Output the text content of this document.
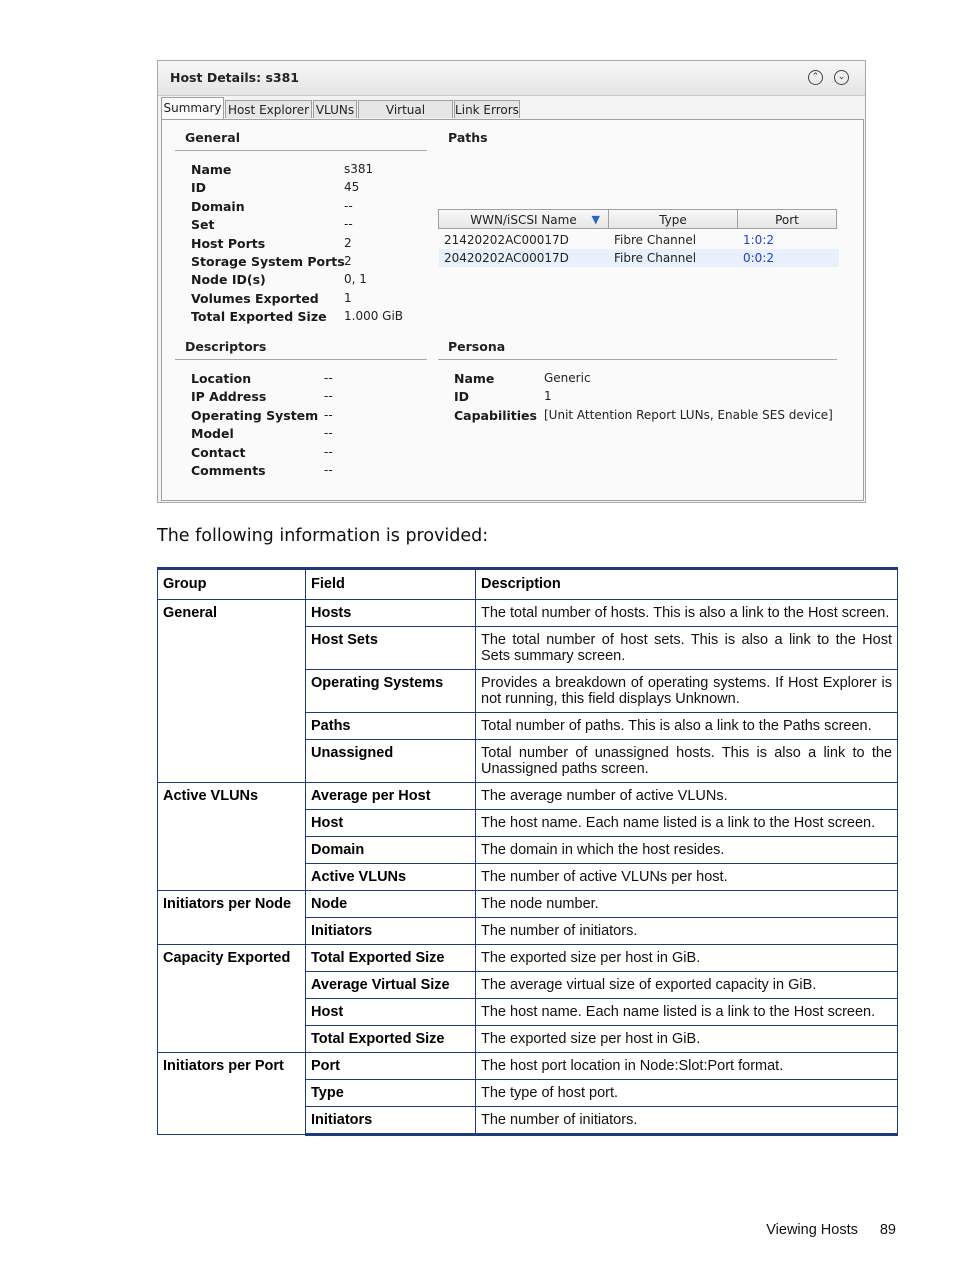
Host Details: s381	⌃	⌄
Summary Host Explorer VLUNs	Virtual	Link Errors
General
Name	s381
ID	45
Domain	--
Set	--
Host Ports	2
Storage System Ports 2
Node ID(s)	0, 1
Volumes Exported 1
Total Exported Size 1.000 GiB
Paths
WWN/iSCSI Name ▼	Type	Port
21420202AC00017D	Fibre Channel	1:0:2
20420202AC00017D	Fibre Channel	0:0:2
Descriptors
Location	--
IP Address	--
Operating System --
Model	--
Contact	--
Comments	--
Persona
Name	Generic
ID	1
Capabilities [Unit Attention Report LUNs, Enable SES device]
The following information is provided:
Group	Field	Description
General	Hosts	The total number of hosts. This is also a link to the Host screen.
	Host Sets	The total number of host sets. This is also a link to the Host Sets summary screen.
	Operating Systems	Provides a breakdown of operating systems. If Host Explorer is not running, this field displays Unknown.
	Paths	Total number of paths. This is also a link to the Paths screen.
	Unassigned	Total number of unassigned hosts. This is also a link to the Unassigned paths screen.
Active VLUNs	Average per Host	The average number of active VLUNs.
	Host	The host name. Each name listed is a link to the Host screen.
	Domain	The domain in which the host resides.
	Active VLUNs	The number of active VLUNs per host.
Initiators per Node	Node	The node number.
	Initiators	The number of initiators.
Capacity Exported	Total Exported Size	The exported size per host in GiB.
	Average Virtual Size	The average virtual size of exported capacity in GiB.
	Host	The host name. Each name listed is a link to the Host screen.
	Total Exported Size	The exported size per host in GiB.
Initiators per Port	Port	The host port location in Node:Slot:Port format.
	Type	The type of host port.
	Initiators	The number of initiators.
Viewing Hosts 89
